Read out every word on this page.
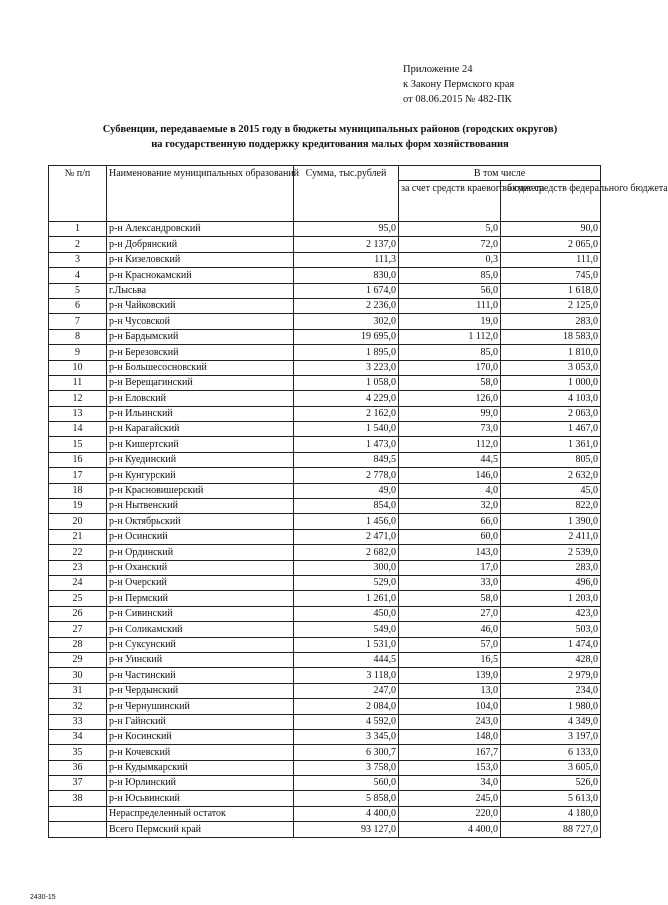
Приложение 24
к Закону Пермского края
от 08.06.2015 № 482-ПК
Субвенции, передаваемые в 2015 году в бюджеты муниципальных районов (городских округов)
на государственную поддержку кредитования малых форм хозяйствования
№ п/п	Наименование муниципальных образований	Сумма, тыс.рублей	В том числе	
			за счет средств краевого бюджета	за счет средств федерального бюджета
1	р-н Александровский	95,0	5,0	90,0
2	р-н Добрянский	2 137,0	72,0	2 065,0
3	р-н Кизеловский	111,3	0,3	111,0
4	р-н Краснокамский	830,0	85,0	745,0
5	г.Лысьва	1 674,0	56,0	1 618,0
6	р-н Чайковский	2 236,0	111,0	2 125,0
7	р-н Чусовской	302,0	19,0	283,0
8	р-н Бардымский	19 695,0	1 112,0	18 583,0
9	р-н Березовский	1 895,0	85,0	1 810,0
10	р-н Большесосновский	3 223,0	170,0	3 053,0
11	р-н Верещагинский	1 058,0	58,0	1 000,0
12	р-н Еловский	4 229,0	126,0	4 103,0
13	р-н Ильинский	2 162,0	99,0	2 063,0
14	р-н Карагайский	1 540,0	73,0	1 467,0
15	р-н Кишертский	1 473,0	112,0	1 361,0
16	р-н Куединский	849,5	44,5	805,0
17	р-н Кунгурский	2 778,0	146,0	2 632,0
18	р-н Красновишерский	49,0	4,0	45,0
19	р-н Нытвенский	854,0	32,0	822,0
20	р-н Октябрьский	1 456,0	66,0	1 390,0
21	р-н Осинский	2 471,0	60,0	2 411,0
22	р-н Ординский	2 682,0	143,0	2 539,0
23	р-н Оханский	300,0	17,0	283,0
24	р-н Очерский	529,0	33,0	496,0
25	р-н Пермский	1 261,0	58,0	1 203,0
26	р-н Сивинский	450,0	27,0	423,0
27	р-н Соликамский	549,0	46,0	503,0
28	р-н Суксунский	1 531,0	57,0	1 474,0
29	р-н Уинский	444,5	16,5	428,0
30	р-н Частинский	3 118,0	139,0	2 979,0
31	р-н Чердынский	247,0	13,0	234,0
32	р-н Чернушинский	2 084,0	104,0	1 980,0
33	р-н Гайнский	4 592,0	243,0	4 349,0
34	р-н Косинский	3 345,0	148,0	3 197,0
35	р-н Кочевский	6 300,7	167,7	6 133,0
36	р-н Кудымкарский	3 758,0	153,0	3 605,0
37	р-н Юрлинский	560,0	34,0	526,0
38	р-н Юсьвинский	5 858,0	245,0	5 613,0
	Нераспределенный остаток	4 400,0	220,0	4 180,0
	Всего Пермский край	93 127,0	4 400,0	88 727,0
2430-15
